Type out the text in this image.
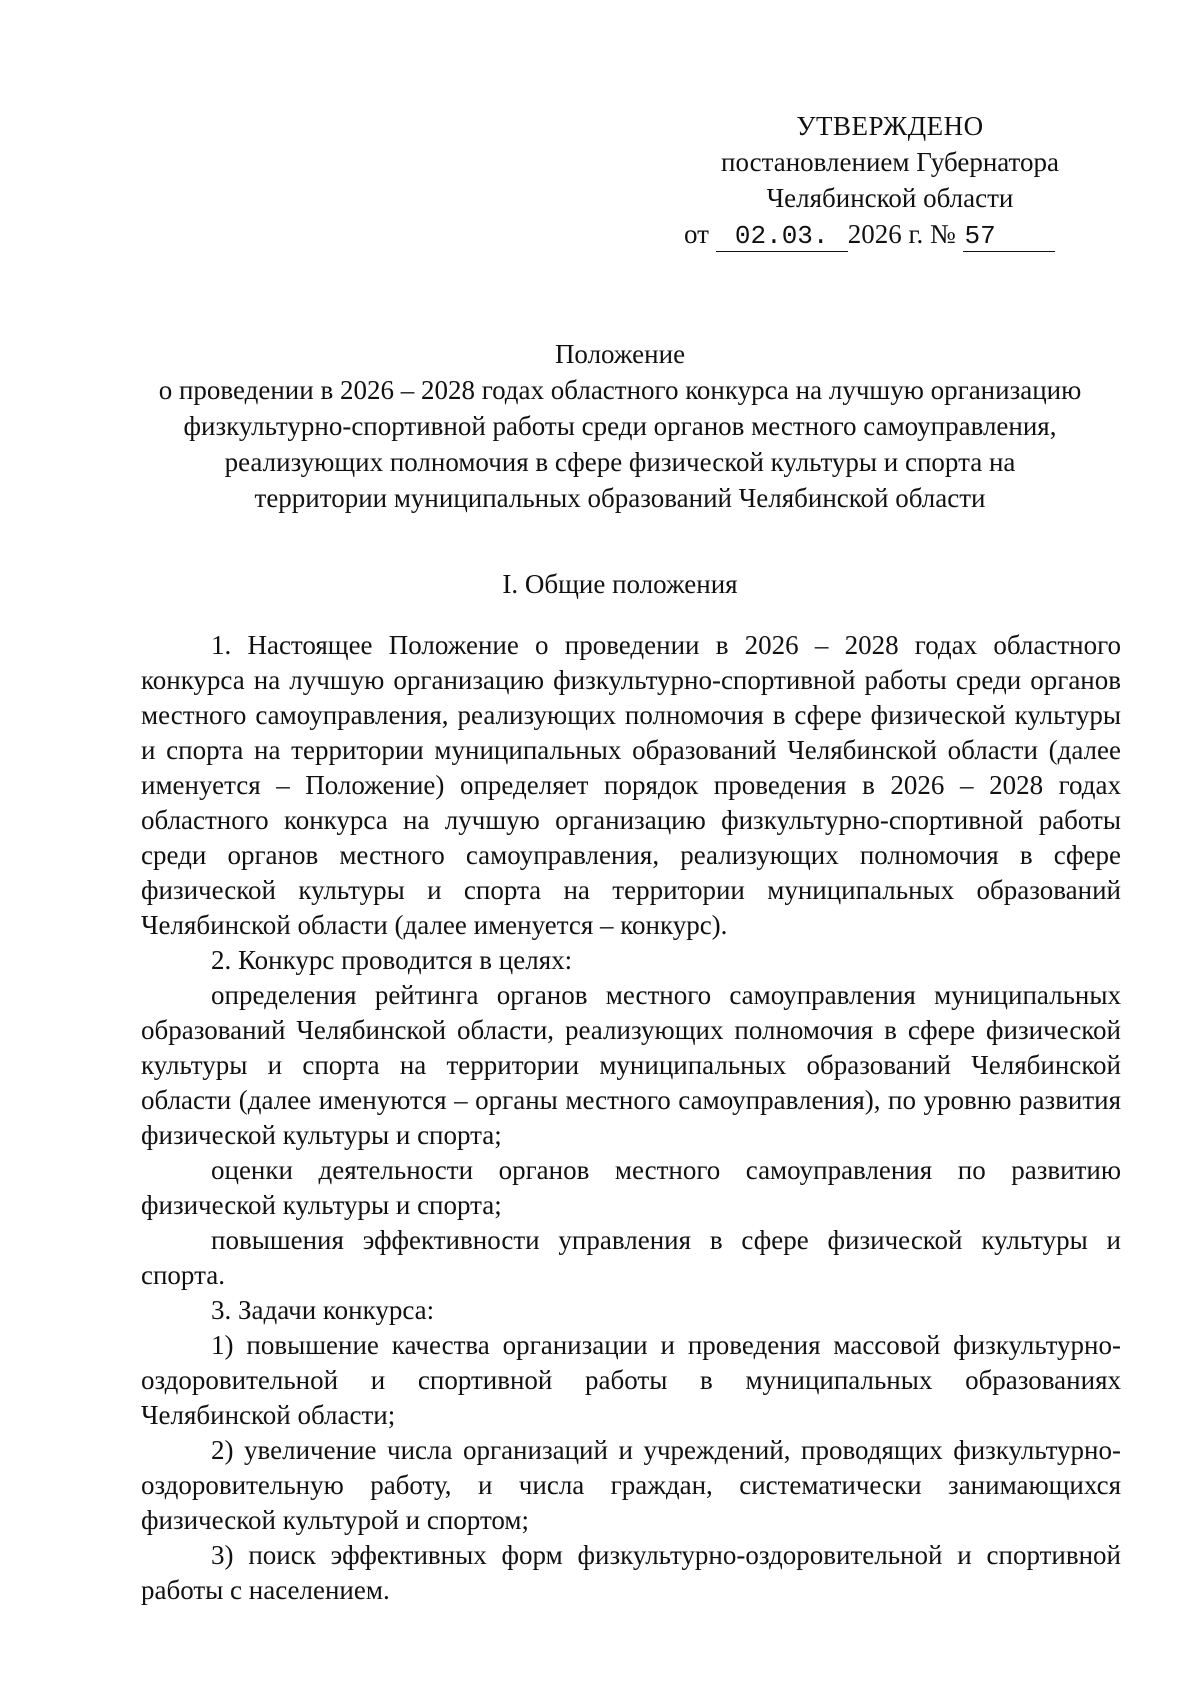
УТВЕРЖДЕНО
постановлением Губернатора
Челябинской области
от 02.03. 2026 г. № 57
Положение
о проведении в 2026 – 2028 годах областного конкурса на лучшую организацию
физкультурно-спортивной работы среди органов местного самоуправления,
реализующих полномочия в сфере физической культуры и спорта на
территории муниципальных образований Челябинской области
I. Общие положения

1. Настоящее Положение о проведении в 2026 – 2028 годах областного конкурса на лучшую организацию физкультурно-спортивной работы среди органов местного самоуправления, реализующих полномочия в сфере физической культуры и спорта на территории муниципальных образований Челябинской области (далее именуется – Положение) определяет порядок проведения в 2026 – 2028 годах областного конкурса на лучшую организацию физкультурно-спортивной работы среди органов местного самоуправления, реализующих полномочия в сфере физической культуры и спорта на территории муниципальных образований Челябинской области (далее именуется – конкурс).

2. Конкурс проводится в целях:

определения рейтинга органов местного самоуправления муниципальных образований Челябинской области, реализующих полномочия в сфере физической культуры и спорта на территории муниципальных образований Челябинской области (далее именуются – органы местного самоуправления), по уровню развития физической культуры и спорта;

оценки деятельности органов местного самоуправления по развитию физической культуры и спорта;

повышения эффективности управления в сфере физической культуры и спорта.

3. Задачи конкурса:

1) повышение качества организации и проведения массовой физкультурно-оздоровительной и спортивной работы в муниципальных образованиях Челябинской области;

2) увеличение числа организаций и учреждений, проводящих физкультурно-оздоровительную работу, и числа граждан, систематически занимающихся физической культурой и спортом;

3) поиск эффективных форм физкультурно-оздоровительной и спортивной работы с населением.
